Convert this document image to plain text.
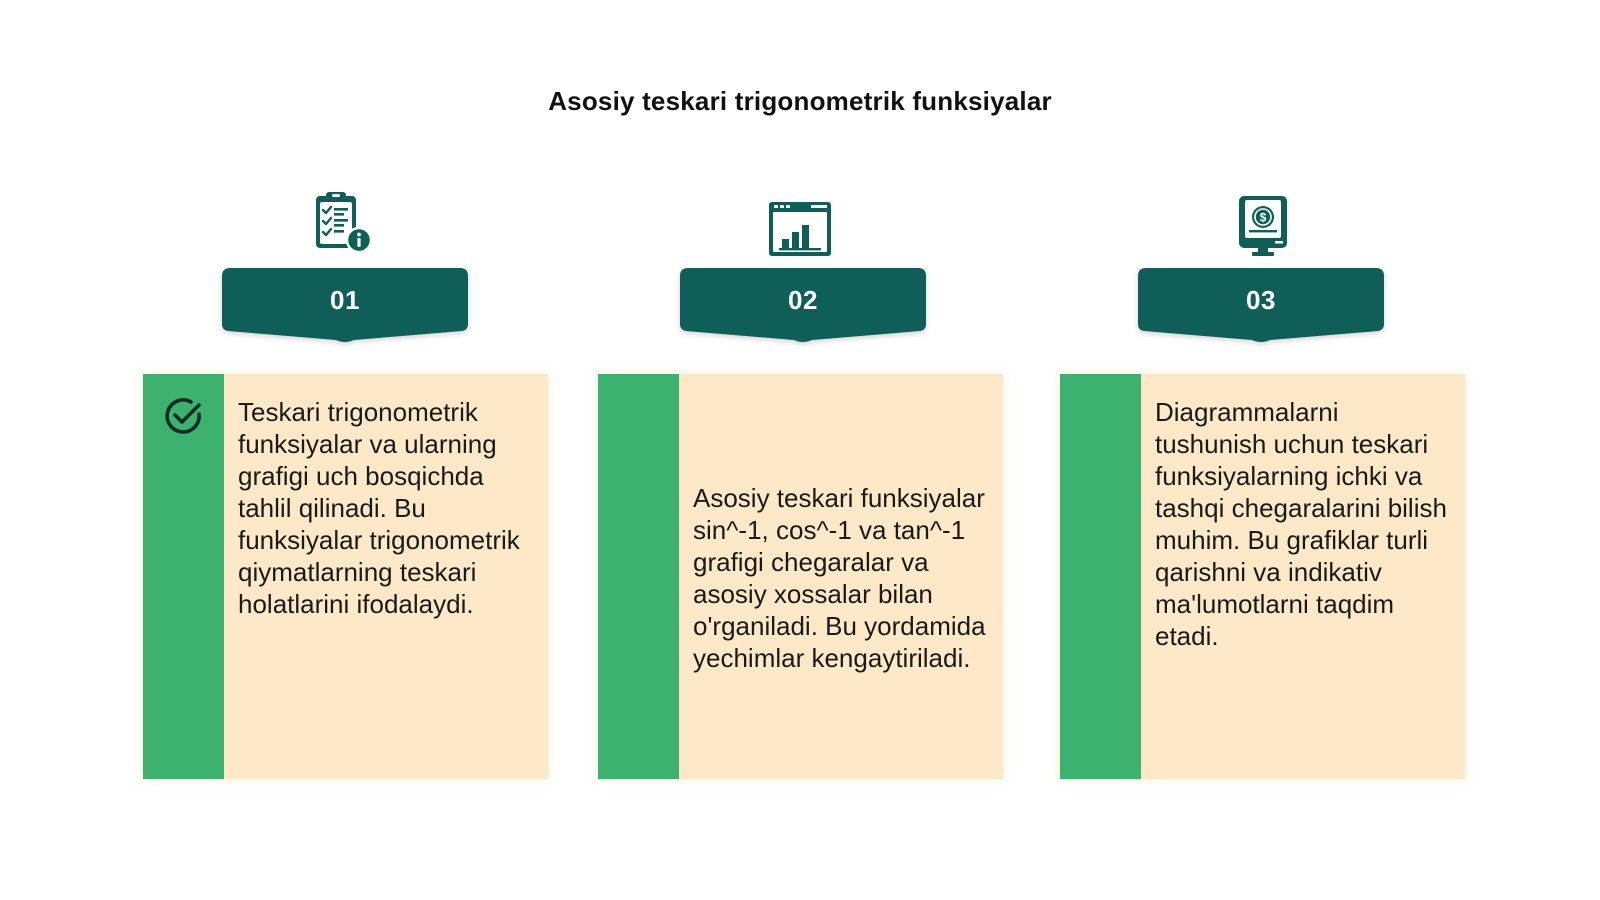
Asosiy teskari trigonometrik funksiyalar
01
Teskari trigonometrik funksiyalar va ularning grafigi uch bosqichda tahlil qilinadi. Bu funksiyalar trigonometrik qiymatlarning teskari holatlarini ifodalaydi.
02
Asosiy teskari funksiyalar sin^-1, cos^-1 va tan^-1 grafigi chegaralar va asosiy xossalar bilan o'rganiladi. Bu yordamida yechimlar kengaytiriladi.
$
03
Diagrammalarni tushunish uchun teskari funksiyalarning ichki va tashqi chegaralarini bilish muhim. Bu grafiklar turli qarishni va indikativ ma'lumotlarni taqdim etadi.
